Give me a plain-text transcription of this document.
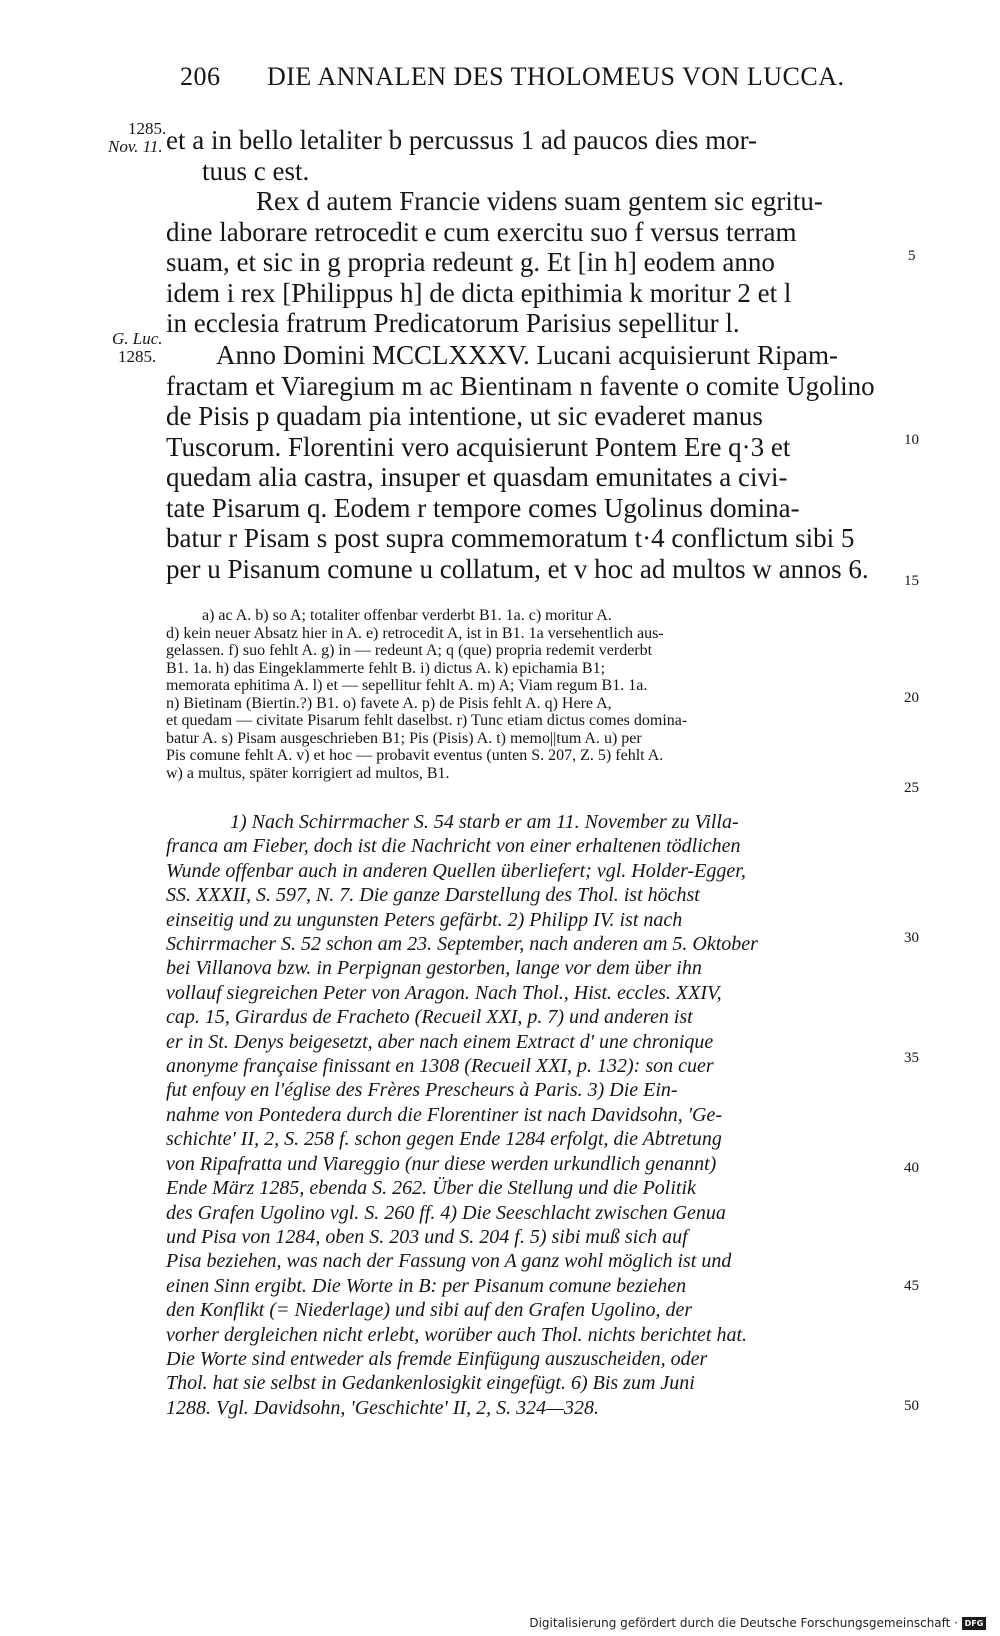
206 DIE ANNALEN DES THOLOMEUS VON LUCCA.
1285.
Nov. 11.
G. Luc.
1285.
et a in bello letaliter b percussus 1 ad paucos dies mor-
tuus c est.
Rex d autem Francie videns suam gentem sic egritu-
dine laborare retrocedit e cum exercitu suo f versus terram
suam, et sic in g propria redeunt g. Et [in h] eodem anno
idem i rex [Philippus h] de dicta epithimia k moritur 2 et l
in ecclesia fratrum Predicatorum Parisius sepellitur l.
Anno Domini MCCLXXXV. Lucani acquisierunt Ripam-
fractam et Viaregium m ac Bientinam n favente o comite Ugolino
de Pisis p quadam pia intentione, ut sic evaderet manus
Tuscorum. Florentini vero acquisierunt Pontem Ere q·3 et
quedam alia castra, insuper et quasdam emunitates a civi-
tate Pisarum q. Eodem r tempore comes Ugolinus domina-
batur r Pisam s post supra commemoratum t·4 conflictum sibi 5
per u Pisanum comune u collatum, et v hoc ad multos w annos 6.
a) ac A. b) so A; totaliter offenbar verderbt B1. 1a. c) moritur A.
d) kein neuer Absatz hier in A. e) retrocedit A, ist in B1. 1a versehentlich aus-
gelassen. f) suo fehlt A. g) in — redeunt A; q (que) propria redemit verderbt
B1. 1a. h) das Eingeklammerte fehlt B. i) dictus A. k) epichamia B1;
memorata ephitima A. l) et — sepellitur fehlt A. m) A; Viam regum B1. 1a.
n) Bietinam (Biertin.?) B1. o) favete A. p) de Pisis fehlt A. q) Here A,
et quedam — civitate Pisarum fehlt daselbst. r) Tunc etiam dictus comes domina-
batur A. s) Pisam ausgeschrieben B1; Pis (Pisis) A. t) memo||tum A. u) per
Pis comune fehlt A. v) et hoc — probavit eventus (unten S. 207, Z. 5) fehlt A.
w) a multus, später korrigiert ad multos, B1.
1) Nach Schirrmacher S. 54 starb er am 11. November zu Villa-
franca am Fieber, doch ist die Nachricht von einer erhaltenen tödlichen
Wunde offenbar auch in anderen Quellen überliefert; vgl. Holder-Egger,
SS. XXXII, S. 597, N. 7. Die ganze Darstellung des Thol. ist höchst
einseitig und zu ungunsten Peters gefärbt. 2) Philipp IV. ist nach
Schirrmacher S. 52 schon am 23. September, nach anderen am 5. Oktober
bei Villanova bzw. in Perpignan gestorben, lange vor dem über ihn
vollauf siegreichen Peter von Aragon. Nach Thol., Hist. eccles. XXIV,
cap. 15, Girardus de Fracheto (Recueil XXI, p. 7) und anderen ist
er in St. Denys beigesetzt, aber nach einem Extract d' une chronique
anonyme française finissant en 1308 (Recueil XXI, p. 132): son cuer
fut enfouy en l'église des Frères Prescheurs à Paris. 3) Die Ein-
nahme von Pontedera durch die Florentiner ist nach Davidsohn, 'Ge-
schichte' II, 2, S. 258 f. schon gegen Ende 1284 erfolgt, die Abtretung
von Ripafratta und Viareggio (nur diese werden urkundlich genannt)
Ende März 1285, ebenda S. 262. Über die Stellung und die Politik
des Grafen Ugolino vgl. S. 260 ff. 4) Die Seeschlacht zwischen Genua
und Pisa von 1284, oben S. 203 und S. 204 f. 5) sibi muß sich auf
Pisa beziehen, was nach der Fassung von A ganz wohl möglich ist und
einen Sinn ergibt. Die Worte in B: per Pisanum comune beziehen
den Konflikt (= Niederlage) und sibi auf den Grafen Ugolino, der
vorher dergleichen nicht erlebt, worüber auch Thol. nichts berichtet hat.
Die Worte sind entweder als fremde Einfügung auszuscheiden, oder
Thol. hat sie selbst in Gedankenlosigkit eingefügt. 6) Bis zum Juni
1288. Vgl. Davidsohn, 'Geschichte' II, 2, S. 324—328.
5
10
15
20
25
30
35
40
45
50
Digitalisierung gefördert durch die Deutsche Forschungsgemeinschaft · DFG
